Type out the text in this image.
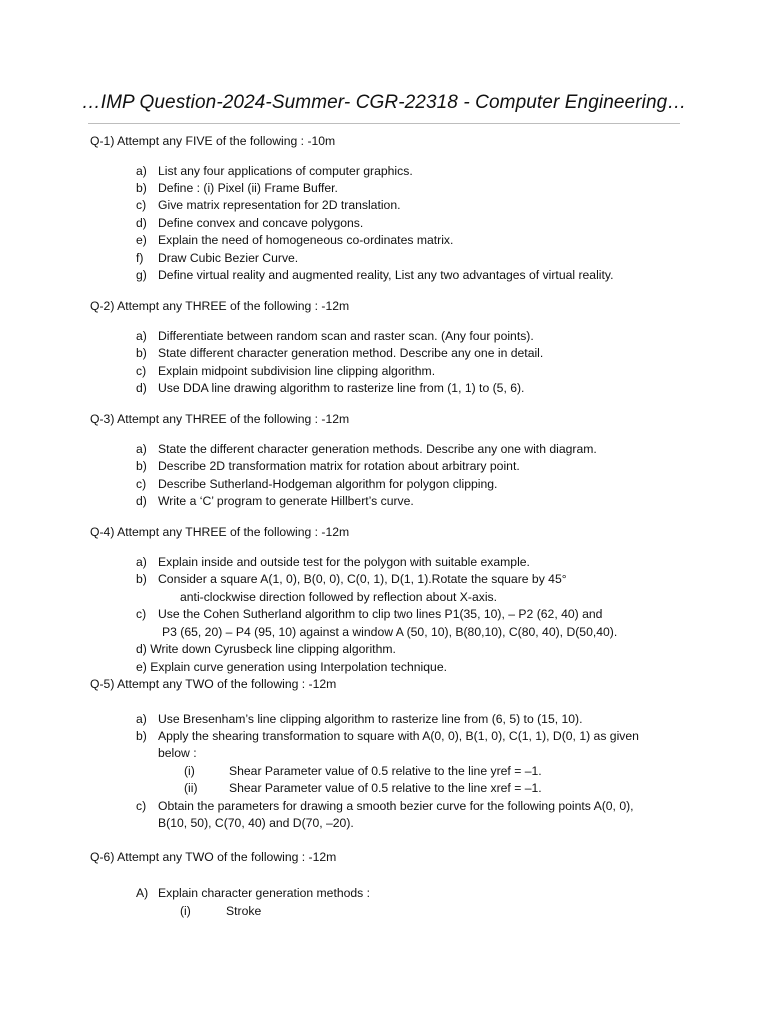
…IMP Question-2024-Summer- CGR-22318 - Computer Engineering…
Q-1) Attempt any FIVE of the following : -10m
a) List any four applications of computer graphics.
b) Define : (i) Pixel (ii) Frame Buffer.
c) Give matrix representation for 2D translation.
d) Define convex and concave polygons.
e) Explain the need of homogeneous co-ordinates matrix.
f) Draw Cubic Bezier Curve.
g) Define virtual reality and augmented reality, List any two advantages of virtual reality.
Q-2) Attempt any THREE of the following : -12m
a) Differentiate between random scan and raster scan. (Any four points).
b) State different character generation method. Describe any one in detail.
c) Explain midpoint subdivision line clipping algorithm.
d) Use DDA line drawing algorithm to rasterize line from (1, 1) to (5, 6).
Q-3) Attempt any THREE of the following : -12m
a) State the different character generation methods. Describe any one with diagram.
b) Describe 2D transformation matrix for rotation about arbitrary point.
c) Describe Sutherland-Hodgeman algorithm for polygon clipping.
d) Write a ‘C’ program to generate Hillbert’s curve.
Q-4) Attempt any THREE of the following : -12m
a) Explain inside and outside test for the polygon with suitable example.
b) Consider a square A(1, 0), B(0, 0), C(0, 1), D(1, 1).Rotate the square by 45°
anti-clockwise direction followed by reflection about X-axis.
c) Use the Cohen Sutherland algorithm to clip two lines P1(35, 10), – P2 (62, 40) and
P3 (65, 20) – P4 (95, 10) against a window A (50, 10), B(80,10), C(80, 40), D(50,40).
d) Write down Cyrusbeck line clipping algorithm.
e) Explain curve generation using Interpolation technique.
Q-5) Attempt any TWO of the following : -12m
a) Use Bresenham’s line clipping algorithm to rasterize line from (6, 5) to (15, 10).
b) Apply the shearing transformation to square with A(0, 0), B(1, 0), C(1, 1), D(0, 1) as given
below :
(i)	Shear Parameter value of 0.5 relative to the line yref = –1.
(ii)	Shear Parameter value of 0.5 relative to the line xref = –1.
c) Obtain the parameters for drawing a smooth bezier curve for the following points A(0, 0),
B(10, 50), C(70, 40) and D(70, –20).
Q-6) Attempt any TWO of the following : -12m
A) Explain character generation methods :
(i)	Stroke
